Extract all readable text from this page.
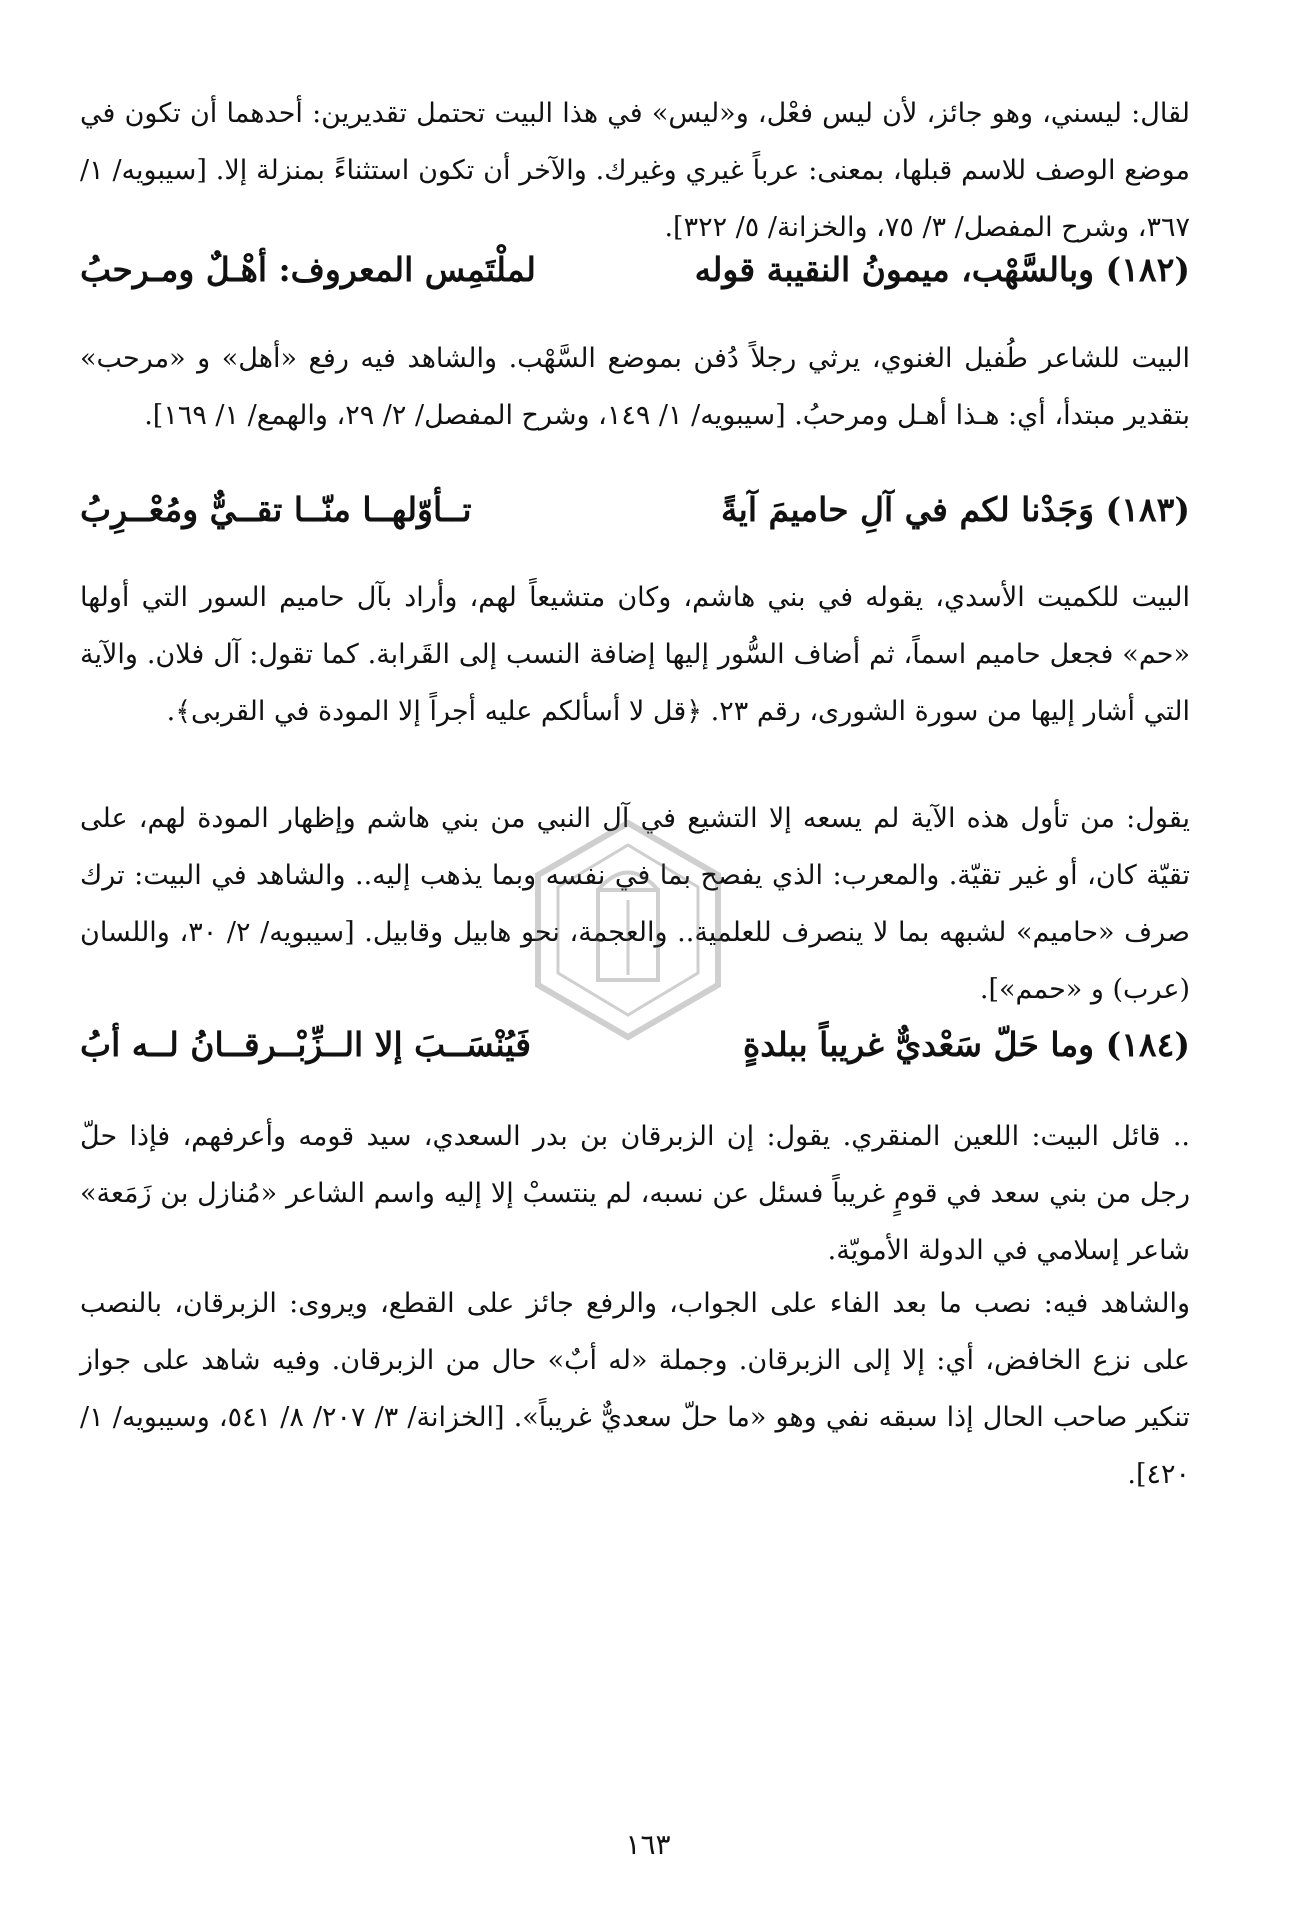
لقال: ليسني، وهو جائز، لأن ليس فعْل، و«ليس» في هذا البيت تحتمل تقديرين: أحدهما أن تكون في موضع الوصف للاسم قبلها، بمعنى: عرباً غيري وغيرك. والآخر أن تكون استثناءً بمنزلة إلا. [سيبويه/ ١/ ٣٦٧، وشرح المفصل/ ٣/ ٧٥، والخزانة/ ٥/ ٣٢٢].

(١٨٢) وبالسَّهْب، ميمونُ النقيبة قوله
لملْتَمِس المعروف: أهْـلٌ ومـرحبُ

البيت للشاعر طُفيل الغنوي، يرثي رجلاً دُفن بموضع السَّهْب. والشاهد فيه رفع «أهل» و «مرحب» بتقدير مبتدأ، أي: هـذا أهـل ومرحبُ. [سيبويه/ ١/ ١٤٩، وشرح المفصل/ ٢/ ٢٩، والهمع/ ١/ ١٦٩].

(١٨٣) وَجَدْنا لكم في آلِ حاميمَ آيةً
تــأوّلهــا منّــا تقــيٌّ ومُعْــرِبُ

البيت للكميت الأسدي، يقوله في بني هاشم، وكان متشيعاً لهم، وأراد بآل حاميم السور التي أولها «حم» فجعل حاميم اسماً، ثم أضاف السُّور إليها إضافة النسب إلى القَرابة. كما تقول: آل فلان. والآية التي أشار إليها من سورة الشورى، رقم ٢٣. ﴿قل لا أسألكم عليه أجراً إلا المودة في القربى﴾.

يقول: من تأول هذه الآية لم يسعه إلا التشيع في آل النبي من بني هاشم وإظهار المودة لهم، على تقيّة كان، أو غير تقيّة. والمعرب: الذي يفصح بما في نفسه وبما يذهب إليه.. والشاهد في البيت: ترك صرف «حاميم» لشبهه بما لا ينصرف للعلمية.. والعجمة، نحو هابيل وقابيل. [سيبويه/ ٢/ ٣٠، واللسان (عرب) و «حمم»].

(١٨٤) وما حَلّ سَعْديٌّ غريباً ببلدةٍ
فَيُنْسَــبَ إلا الــزِّبْــرقــانُ لــه أبُ

.. قائل البيت: اللعين المنقري. يقول: إن الزبرقان بن بدر السعدي، سيد قومه وأعرفهم، فإذا حلّ رجل من بني سعد في قومٍ غريباً فسئل عن نسبه، لم ينتسبْ إلا إليه واسم الشاعر «مُنازل بن زَمَعة» شاعر إسلامي في الدولة الأمويّة.

والشاهد فيه: نصب ما بعد الفاء على الجواب، والرفع جائز على القطع، ويروى: الزبرقان، بالنصب على نزع الخافض، أي: إلا إلى الزبرقان. وجملة «له أبٌ» حال من الزبرقان. وفيه شاهد على جواز تنكير صاحب الحال إذا سبقه نفي وهو «ما حلّ سعديٌّ غريباً». [الخزانة/ ٣/ ٢٠٧/ ٨/ ٥٤١، وسيبويه/ ١/ ٤٢٠].

١٦٣
